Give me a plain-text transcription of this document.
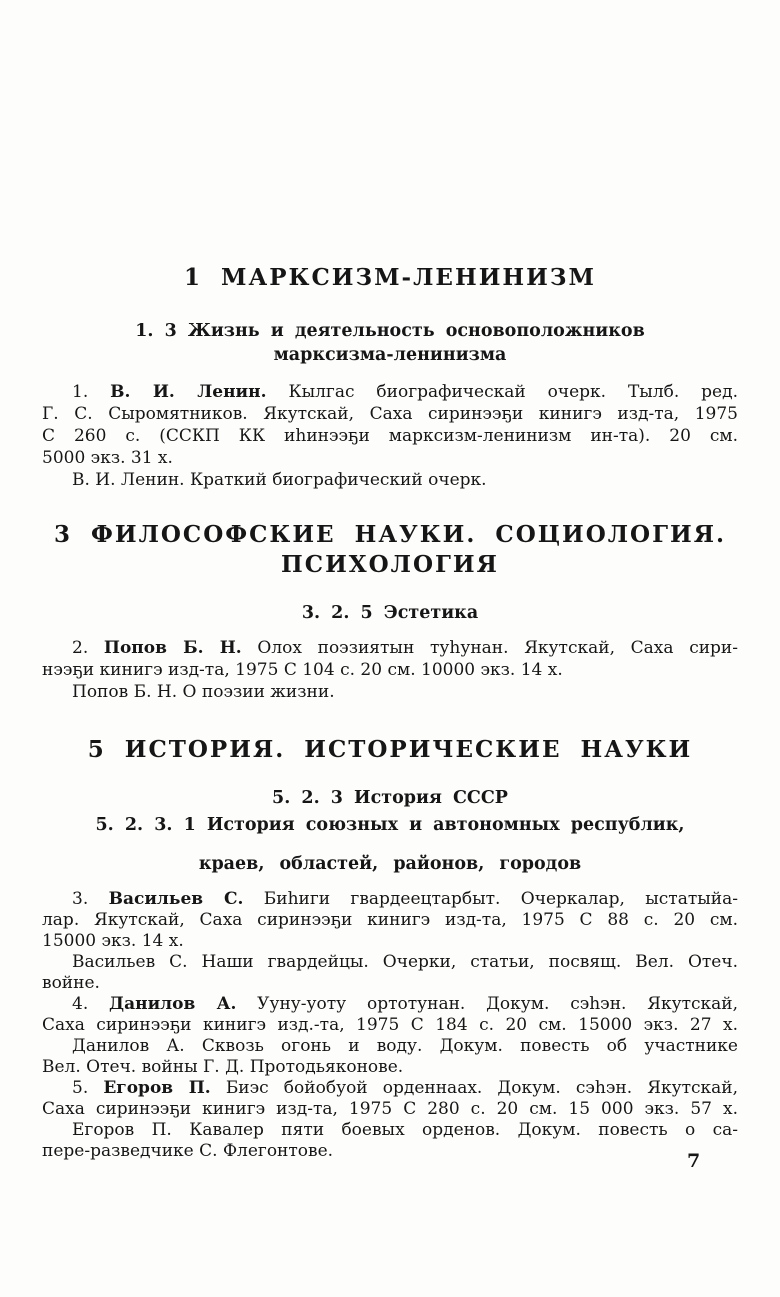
1 МАРКСИЗМ-ЛЕНИНИЗМ
1. 3 Жизнь и деятельность основоположников
марксизма-ленинизма
1. В. И. Ленин. Кылгас биографическай очерк. Тылб. ред.
Г. С. Сыромятников. Якутскай, Саха сиринээҕи кинигэ изд-та, 1975
С 260 с. (ССКП КК иһинээҕи марксизм-ленинизм ин-та). 20 см.
5000 экз. 31 х.
В. И. Ленин. Краткий биографический очерк.
3 ФИЛОСОФСКИЕ НАУКИ. СОЦИОЛОГИЯ.
ПСИХОЛОГИЯ
3. 2. 5 Эстетика
2. Попов Б. Н. Олох поэзиятын туһунан. Якутскай, Саха сири-
нээҕи кинигэ изд-та, 1975 С 104 с. 20 см. 10000 экз. 14 х.
Попов Б. Н. О поэзии жизни.
5 ИСТОРИЯ. ИСТОРИЧЕСКИЕ НАУКИ
5. 2. 3 История СССР
5. 2. 3. 1 История союзных и автономных республик,
краев, областей, районов, городов
3. Васильев С. Биһиги гвардеецтарбыт. Очеркалар, ыстатыйа-
лар. Якутскай, Саха сиринээҕи кинигэ изд-та, 1975 С 88 с. 20 см.
15000 экз. 14 х.
Васильев С. Наши гвардейцы. Очерки, статьи, посвящ. Вел. Отеч.
войне.
4. Данилов А. Ууну-уоту ортотунан. Докум. сэһэн. Якутскай,
Саха сиринээҕи кинигэ изд.-та, 1975 С 184 с. 20 см. 15000 экз. 27 х.
Данилов А. Сквозь огонь и воду. Докум. повесть об участнике
Вел. Отеч. войны Г. Д. Протодьяконове.
5. Егоров П. Биэс бойобуой орденнаах. Докум. сэһэн. Якутскай,
Саха сиринээҕи кинигэ изд-та, 1975 С 280 с. 20 см. 15 000 экз. 57 х.
Егоров П. Кавалер пяти боевых орденов. Докум. повесть о са-
пере-разведчике С. Флегонтове.	7
